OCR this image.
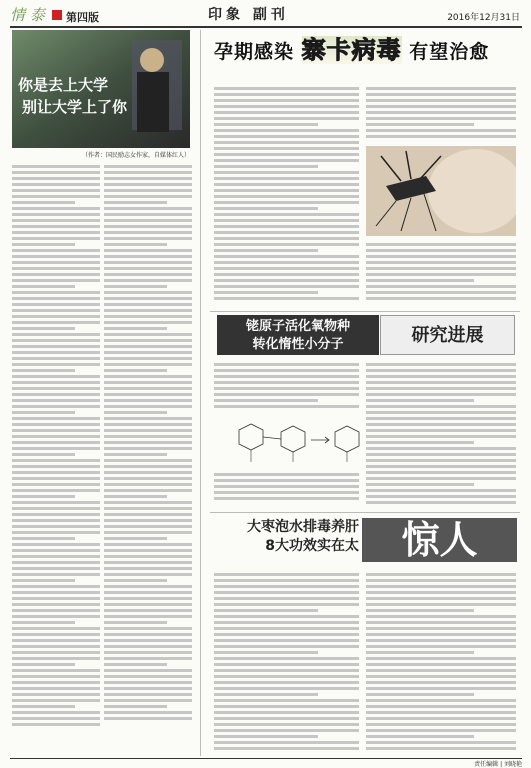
情 泰 第四版	印象 副刊	2016年12月31日
你是去上大学
别让大学上了你
（作者：国民励志女作家，自媒体红人）
孕期感染 寨卡病毒 有望治愈
铑原子活化氧物种
转化惰性小分子	研究进展
大枣泡水排毒养肝
8大功效实在太	惊人
责任编辑 | 刘晓艳
